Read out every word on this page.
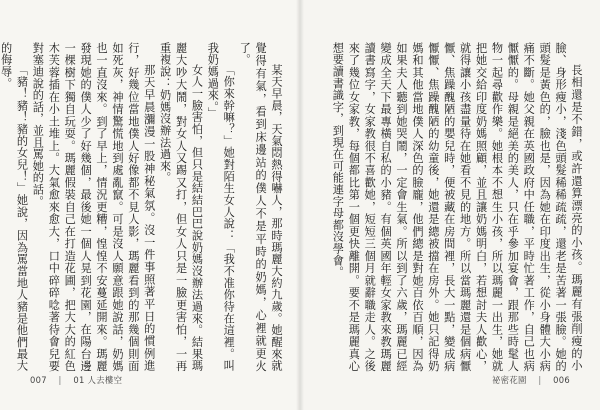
某天早晨，天氣悶熱得嚇人，那時瑪麗大約九歲。她醒來就覺得有氣，看到床邊站的僕人不是平時的奶媽，心裡就更火了。

「你來幹嘛？」她對陌生女人說：「我不准你待在這裡。叫我奶媽過來。」

女人一臉害怕，但只是結結巴巴說奶媽沒辦法過來。結果瑪麗大吵大鬧，對女人又踢又打，但女人只是一臉更害怕，一再重複說：奶媽沒辦法過來。

那天早晨瀰漫一股神秘氣氛。沒一件事照著平日的慣例進行，好幾位當地僕人好像都不見人影，瑪麗看到的那幾個則面如死灰，神情驚慌地到處亂竄。可是沒人願意跟她說話，奶媽也一直沒來。到了早上，情況更糟，惶惶不安蔓延開來。瑪麗發現她的僕人少了好幾個，最後她一個人晃到花園，在陽台邊一棵樹下獨自玩耍。瑪麗假裝自己在打造花圃，把大大的紅色木芙蓉插在小土堆上。大氣愈來愈大，口中碎碎唸著待會兒要對塞迪說的話，並且罵她的話。

「豬！豬！豬的女兒！」她說，因為罵當地人豬是他們最大的侮辱。

007  |  01 人去樓空

長相還是不錯，或許還算漂亮的小孩。瑪麗有張削瘦的小臉、身形瘦小，淺色頭髮稀稀疏疏，還老是苦著一張臉。她的頭髮是黃色的，臉也是，因為她在印度出生，從小身體大小病痛不斷。她父親在英國政府中任職，平時忙著工作，自己也病懨懨的。母親是絕美的美人，只在乎參加宴會，跟那些時髦人物一起尋歡作樂。她根本不想生小孩，所以瑪麗一出生，她就把她交給印度奶媽照顧，並且讓奶媽明白，若想討夫人歡心，就得讓小孩盡量待在她看不見的地方。所以當瑪麗還是個病懨懨、焦躁醜陋的嬰兒時，便被藏在房間裡，長大一點，變成病懨懨、焦躁醜陋的幼童後，她還是總被擋在房外。她只記得奶媽和其他當地僕人深色的臉龐，他們總是對她百依百順，因為如果夫人聽到她哭鬧，一定會生氣。所以到了六歲，瑪麗已經變成全天下最專橫自私的小豬。有個英國年輕女家教來教瑪麗讀書寫字，女家教很不喜歡她，短短三個月就辭職走人。之後來了幾位女家教，每個都比第一個更快離開。要不是瑪麗真心想要讀書識字，到現在可能連字母都沒學會。

祕密花園  |  006
